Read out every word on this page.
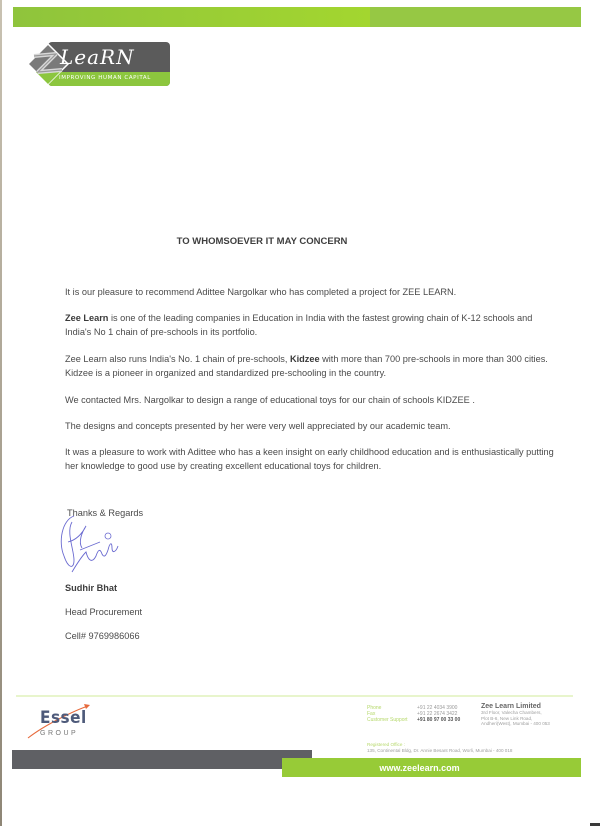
LeaRN
IMPROVING HUMAN CAPITAL
TO WHOMSOEVER IT MAY CONCERN
It is our pleasure to recommend Adittee Nargolkar who has completed a project for ZEE LEARN.
Zee Learn is one of the leading companies in Education in India with the fastest growing chain of K-12 schools and India's No 1 chain of pre-schools in its portfolio.
Zee Learn also runs India's No. 1 chain of pre-schools, Kidzee with more than 700 pre-schools in more than 300 cities. Kidzee is a pioneer in organized and standardized pre-schooling in the country.
We contacted Mrs. Nargolkar to design a range of educational toys for our chain of schools KIDZEE .
The designs and concepts presented by her were very well appreciated by our academic team.
It was a pleasure to work with Adittee who has a keen insight on early childhood education and is enthusiastically putting her knowledge to good use by creating excellent educational toys for children.
Thanks & Regards
Sudhir Bhat
Head Procurement
Cell# 9769986066
Essel
GROUP
Phone	+91 22 4034 3900
Fax	+91 22 2674 3422
Customer Support	+91 80 97 00 33 00
Zee Learn Limited
3rd Floor, Valecha Chambers,
Plot B-6, New Link Road,
Andheri(West), Mumbai - 400 053
Registered Office :
135, Continental Bldg, Dr. Annie Besant Road, Worli, Mumbai - 400 018
www.zeelearn.com
